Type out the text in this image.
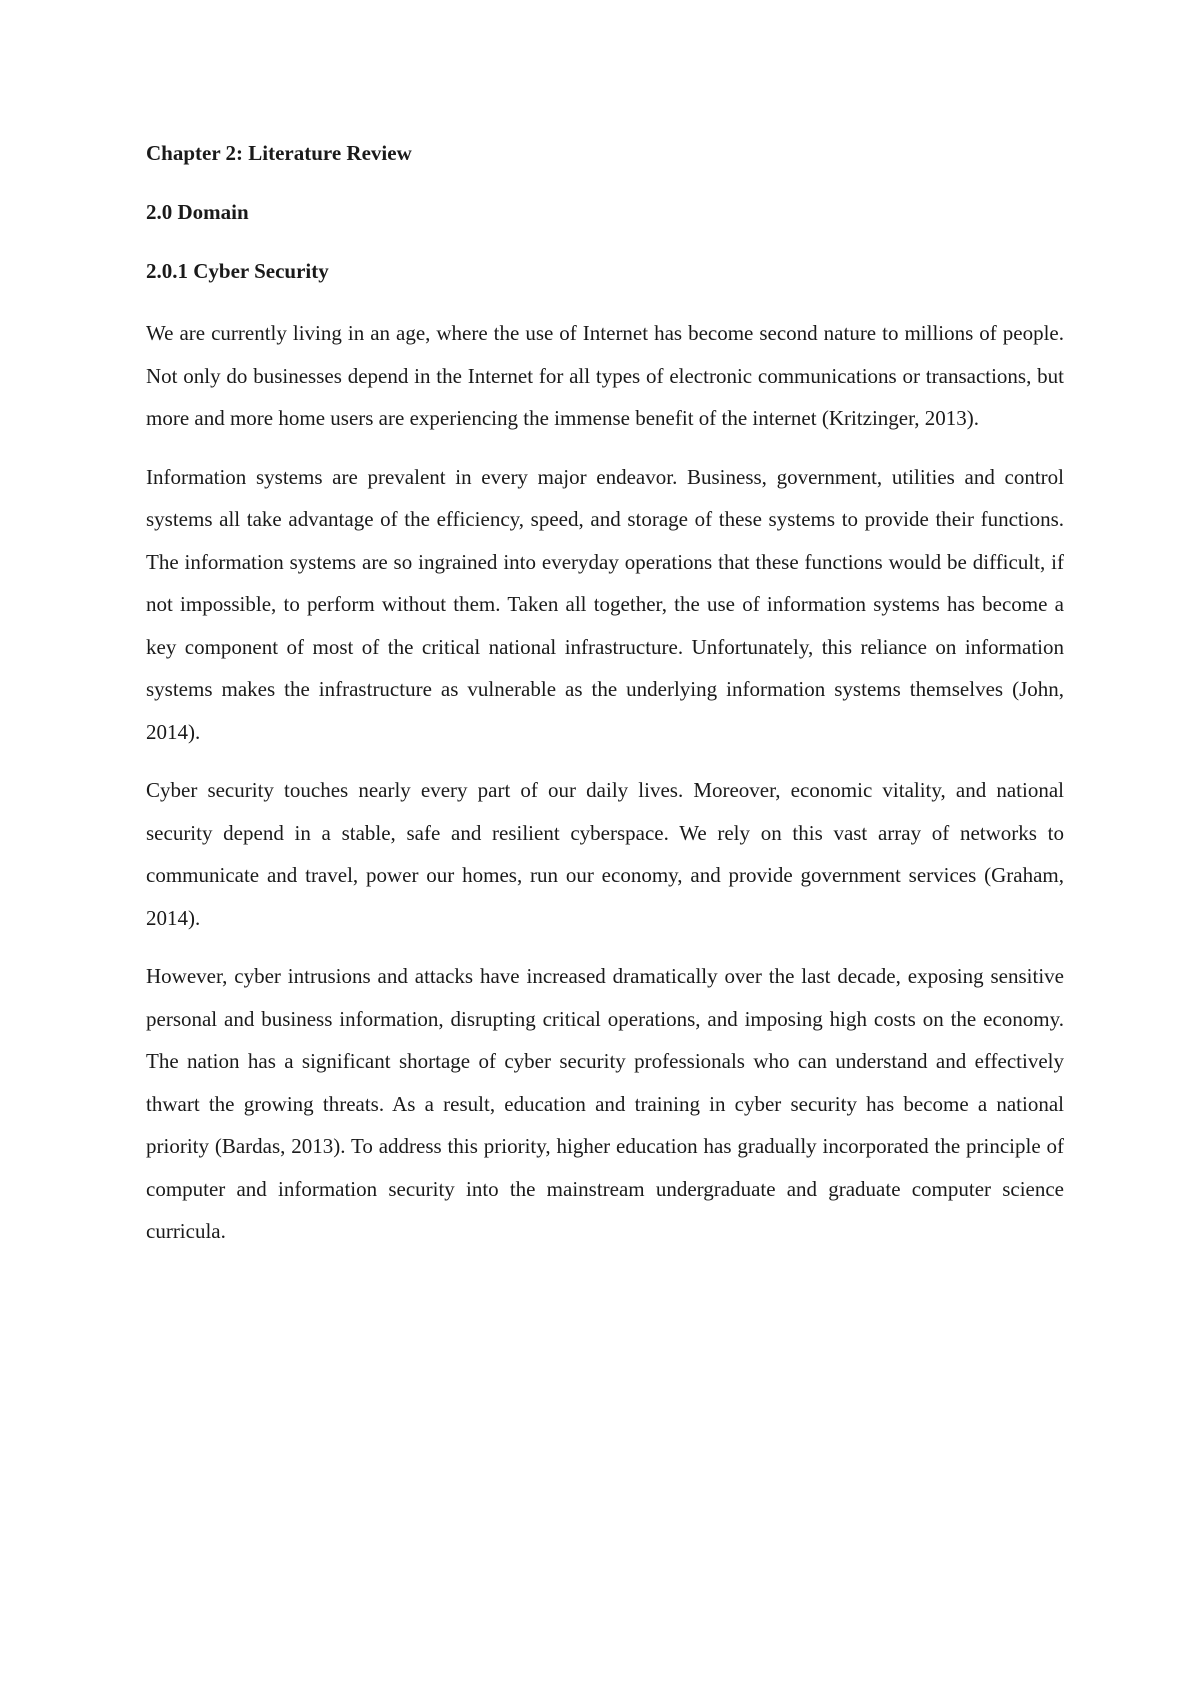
Chapter 2: Literature Review
2.0 Domain
2.0.1 Cyber Security

We are currently living in an age, where the use of Internet has become second nature to millions of people. Not only do businesses depend in the Internet for all types of electronic communications or transactions, but more and more home users are experiencing the immense benefit of the internet (Kritzinger, 2013).

Information systems are prevalent in every major endeavor. Business, government, utilities and control systems all take advantage of the efficiency, speed, and storage of these systems to provide their functions. The information systems are so ingrained into everyday operations that these functions would be difficult, if not impossible, to perform without them. Taken all together, the use of information systems has become a key component of most of the critical national infrastructure. Unfortunately, this reliance on information systems makes the infrastructure as vulnerable as the underlying information systems themselves (John, 2014).

Cyber security touches nearly every part of our daily lives. Moreover, economic vitality, and national security depend in a stable, safe and resilient cyberspace. We rely on this vast array of networks to communicate and travel, power our homes, run our economy, and provide government services (Graham, 2014).

However, cyber intrusions and attacks have increased dramatically over the last decade, exposing sensitive personal and business information, disrupting critical operations, and imposing high costs on the economy. The nation has a significant shortage of cyber security professionals who can understand and effectively thwart the growing threats. As a result, education and training in cyber security has become a national priority (Bardas, 2013). To address this priority, higher education has gradually incorporated the principle of computer and information security into the mainstream undergraduate and graduate computer science curricula.
